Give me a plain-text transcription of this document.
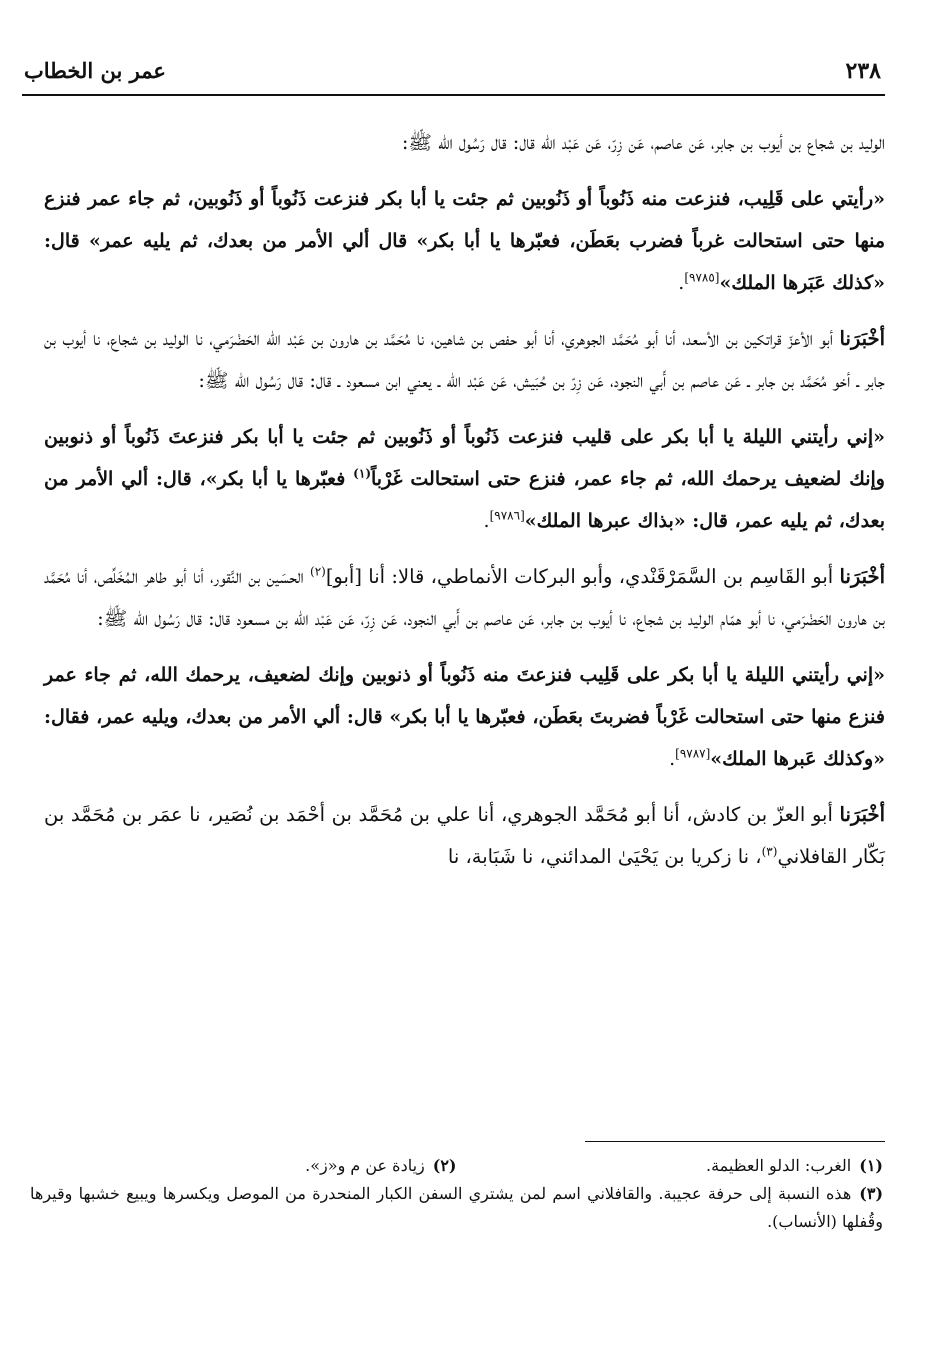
٢٣٨
عمر بن الخطاب

الوليد بن شجاع بن أيوب بن جابر، عَن عاصم، عَن زِرّ، عَن عَبْد اللّه قال: قال رَسُول الله ﷺ:

«رأيتي على قَلِيب، فنزعت منه ذَنُوباً أو ذَنُوبين ثم جئت يا أبا بكر فنزعت ذَنُوباً أو ذَنُوبين، ثم جاء عمر فنزع منها حتى استحالت غرباً فضرب بعَطَن، فعبّرها يا أبا بكر» قال ألي الأمر من بعدك، ثم يليه عمر» قال: «كذلك عَبَرها الملك»[٩٧٨٥].

أخْبَرَنا أبو الأعزّ قراتكين بن الأسعد، أنا أبو مُحَمَّد الجوهري، أنا أبو حفص بن شاهين، نا مُحَمَّد بن هارون بن عَبْد اللّه الحَضْرَمي، نا الوليد بن شجاع، نا أيوب بن جابر ـ أخو مُحَمَّد بن جابر ـ عَن عاصم بن أَبي النجود، عَن زِرّ بن حُبَيش، عَن عَبْد اللّه ـ يعني ابن مسعود ـ قال: قال رَسُول الله ﷺ:

«إني رأيتني الليلة يا أبا بكر على قليب فنزعت ذَنُوباً أو ذَنُوبين ثم جئت يا أبا بكر فنزعتَ ذَنُوباً أو ذنوبين وإنك لضعيف يرحمك الله، ثم جاء عمر، فنزع حتى استحالت غَرْباً$^{(١)}$ فعبّرها يا أبا بكر»، قال: ألي الأمر من بعدك، ثم يليه عمر، قال: «بذاك عبرها الملك»[٩٧٨٦].

أخْبَرَنا أبو القَاسِم بن السَّمَرْقَنْدي، وأبو البركات الأنماطي، قالا: أنا [أبو]$^{(٢)}$ الحسَين بن النَّقور، أنا أبو طاهر المُخَلِّص، أنا مُحَمَّد بن هارون الحَضْرَمي، نا أبو همّام الوليد بن شجاع، نا أيوب بن جابر، عَن عاصم بن أَبي النجود، عَن زِرّ، عَن عَبْد اللّه بن مسعود قال: قال رَسُول الله ﷺ:

«إني رأيتني الليلة يا أبا بكر على قَلِيب فنزعتَ منه ذَنُوباً أو ذنوبين وإنك لضعيف، يرحمك الله، ثم جاء عمر فنزع منها حتى استحالت غَرْباً فضربتَ بعَطَن، فعبّرها يا أبا بكر» قال: ألي الأمر من بعدك، ويليه عمر، فقال: «وكذلك عَبرها الملك»[٩٧٨٧].

أخْبَرَنا أبو العزّ بن كادش، أنا أبو مُحَمَّد الجوهري، أنا علي بن مُحَمَّد بن أحْمَد بن نُصَير، نا عمَر بن مُحَمَّد بن بَكّار القافلاني$^{(٣)}$، نا زكريا بن يَحْيَىٰ المدائني، نا شَبَابة، نا

(١)الغرب: الدلو العظيمة.
(٢)زيادة عن م و«ز».
(٣)هذه النسبة إلى حرفة عجيبة. والقافلاني اسم لمن يشتري السفن الكبار المنحدرة من الموصل ويكسرها ويبيع خشبها وقيرها وقُفلها (الأنساب).
